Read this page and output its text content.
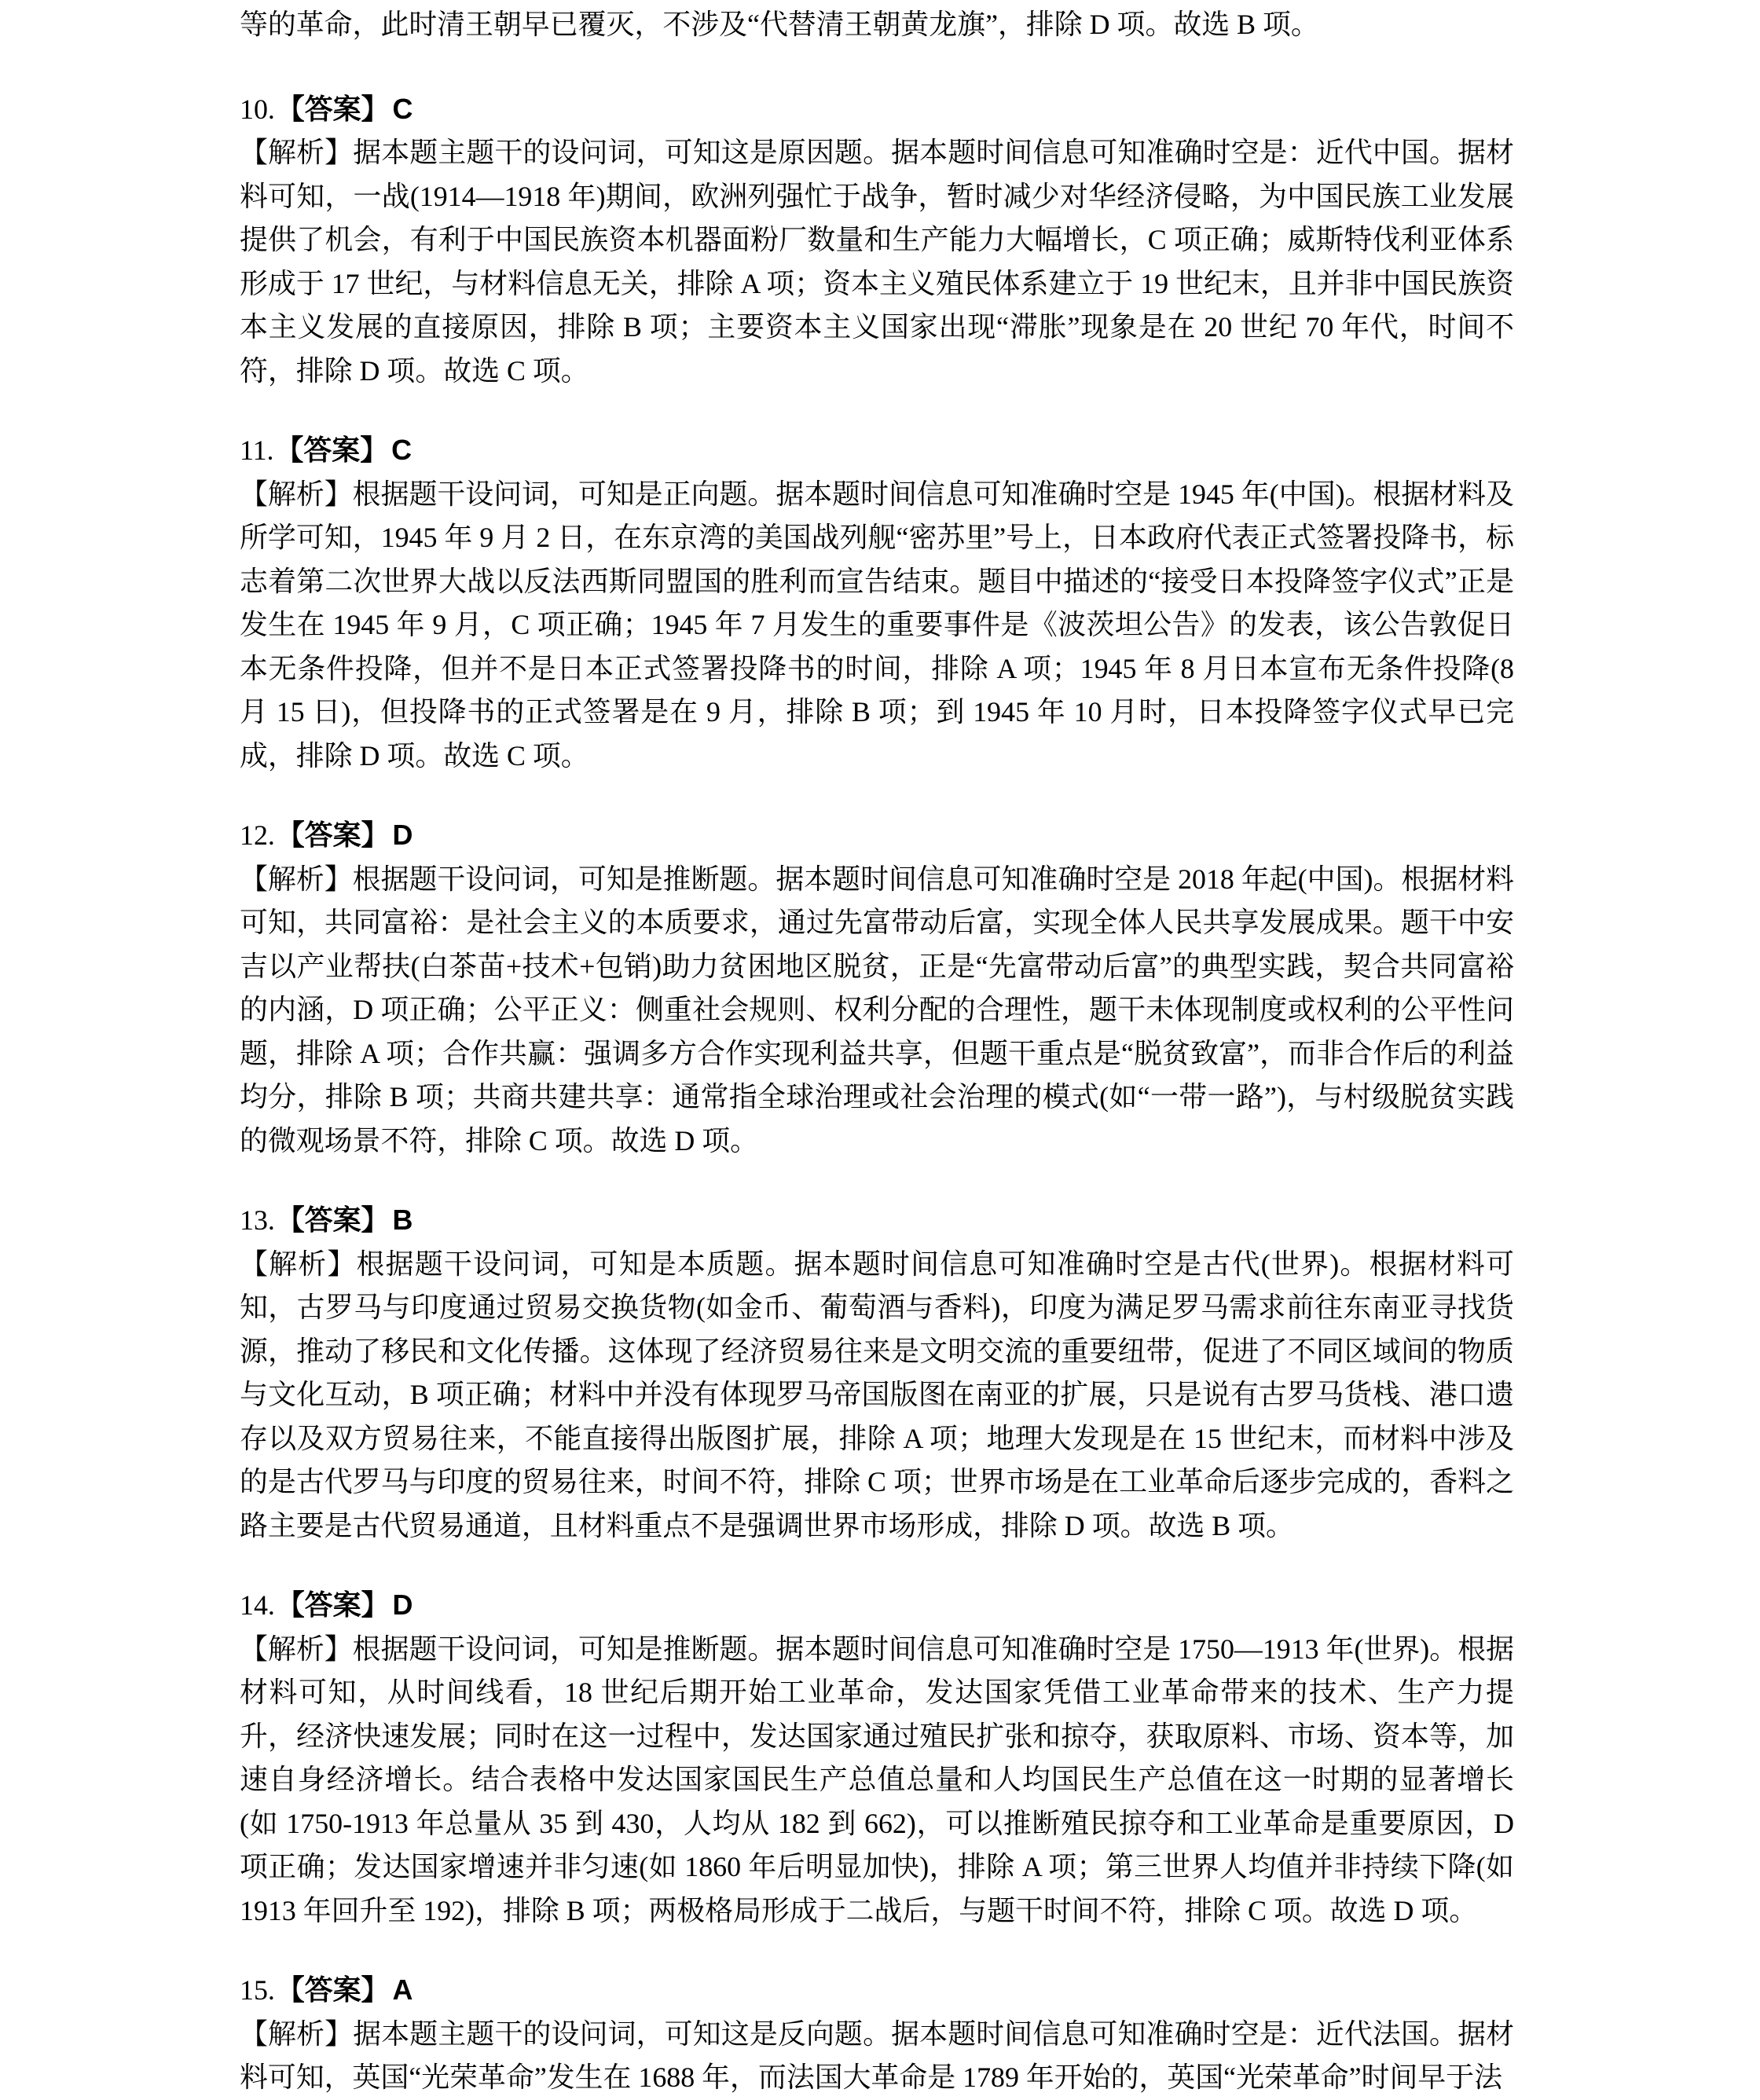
等的革命，此时清王朝早已覆灭，不涉及“代替清王朝黄龙旗”，排除 D 项。故选 B 项。

10.【答案】 C

【解析】据本题主题干的设问词，可知这是原因题。据本题时间信息可知准确时空是：近代中国。据材料可知，一战(1914—1918 年)期间，欧洲列强忙于战争，暂时减少对华经济侵略，为中国民族工业发展提供了机会，有利于中国民族资本机器面粉厂数量和生产能力大幅增长，C 项正确；威斯特伐利亚体系形成于 17 世纪，与材料信息无关，排除 A 项；资本主义殖民体系建立于 19 世纪末，且并非中国民族资本主义发展的直接原因，排除 B 项；主要资本主义国家出现“滞胀”现象是在 20 世纪 70 年代，时间不符，排除 D 项。故选 C 项。

11.【答案】 C

【解析】根据题干设问词，可知是正向题。据本题时间信息可知准确时空是 1945 年(中国)。根据材料及所学可知，1945 年 9 月 2 日，在东京湾的美国战列舰“密苏里”号上，日本政府代表正式签署投降书，标志着第二次世界大战以反法西斯同盟国的胜利而宣告结束。题目中描述的“接受日本投降签字仪式”正是发生在 1945 年 9 月，C 项正确；1945 年 7 月发生的重要事件是《波茨坦公告》的发表，该公告敦促日本无条件投降，但并不是日本正式签署投降书的时间，排除 A 项；1945 年 8 月日本宣布无条件投降(8 月 15 日)，但投降书的正式签署是在 9 月，排除 B 项；到 1945 年 10 月时，日本投降签字仪式早已完成，排除 D 项。故选 C 项。

12.【答案】 D

【解析】根据题干设问词，可知是推断题。据本题时间信息可知准确时空是 2018 年起(中国)。根据材料可知，共同富裕：是社会主义的本质要求，通过先富带动后富，实现全体人民共享发展成果。题干中安吉以产业帮扶(白茶苗+技术+包销)助力贫困地区脱贫，正是“先富带动后富”的典型实践，契合共同富裕的内涵，D 项正确；公平正义：侧重社会规则、权利分配的合理性，题干未体现制度或权利的公平性问题，排除 A 项；合作共赢：强调多方合作实现利益共享，但题干重点是“脱贫致富”，而非合作后的利益均分，排除 B 项；共商共建共享：通常指全球治理或社会治理的模式(如“一带一路”)，与村级脱贫实践的微观场景不符，排除 C 项。故选 D 项。

13.【答案】 B

【解析】根据题干设问词，可知是本质题。据本题时间信息可知准确时空是古代(世界)。根据材料可知，古罗马与印度通过贸易交换货物(如金币、葡萄酒与香料)，印度为满足罗马需求前往东南亚寻找货源，推动了移民和文化传播。这体现了经济贸易往来是文明交流的重要纽带，促进了不同区域间的物质与文化互动，B 项正确；材料中并没有体现罗马帝国版图在南亚的扩展，只是说有古罗马货栈、港口遗存以及双方贸易往来，不能直接得出版图扩展，排除 A 项；地理大发现是在 15 世纪末，而材料中涉及的是古代罗马与印度的贸易往来，时间不符，排除 C 项；世界市场是在工业革命后逐步完成的，香料之路主要是古代贸易通道，且材料重点不是强调世界市场形成，排除 D 项。故选 B 项。

14.【答案】 D

【解析】根据题干设问词，可知是推断题。据本题时间信息可知准确时空是 1750—1913 年(世界)。根据材料可知，从时间线看，18 世纪后期开始工业革命，发达国家凭借工业革命带来的技术、生产力提升，经济快速发展；同时在这一过程中，发达国家通过殖民扩张和掠夺，获取原料、市场、资本等，加速自身经济增长。结合表格中发达国家国民生产总值总量和人均国民生产总值在这一时期的显著增长(如 1750-1913 年总量从 35 到 430，人均从 182 到 662)，可以推断殖民掠夺和工业革命是重要原因，D 项正确；发达国家增速并非匀速(如 1860 年后明显加快)，排除 A 项；第三世界人均值并非持续下降(如 1913 年回升至 192)，排除 B 项；两极格局形成于二战后，与题干时间不符，排除 C 项。故选 D 项。

15.【答案】 A

【解析】据本题主题干的设问词，可知这是反向题。据本题时间信息可知准确时空是：近代法国。据材料可知，英国“光荣革命”发生在 1688 年，而法国大革命是 1789 年开始的，英国“光荣革命”时间早于法
